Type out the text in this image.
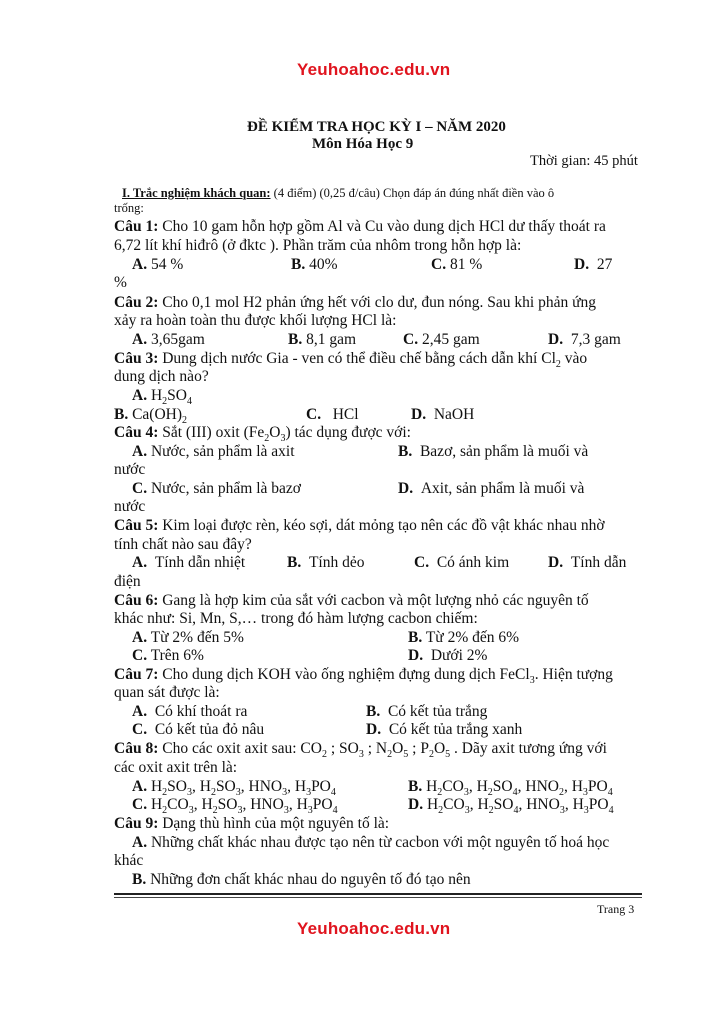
Yeuhoahoc.edu.vn
ĐỀ KIỂM TRA HỌC KỲ I – NĂM 2020
Môn Hóa Học 9
Thời gian: 45 phút
I. Trắc nghiệm khách quan: (4 điểm) (0,25 đ/câu) Chọn đáp án đúng nhất điền vào ô
trống:
Câu 1: Cho 10 gam hỗn hợp gồm Al và Cu vào dung dịch HCl dư thấy thoát ra
6,72 lít khí hiđrô (ở đktc ). Phần trăm của nhôm trong hỗn hợp là:
A. 54 %	B. 40%	C. 81 %	D. 27
%
Câu 2: Cho 0,1 mol H2 phản ứng hết với clo dư, đun nóng. Sau khi phản ứng
xảy ra hoàn toàn thu được khối lượng HCl là:
A. 3,65gam	B. 8,1 gam	C. 2,45 gam	D. 7,3 gam
Câu 3: Dung dịch nước Gia - ven có thể điều chế bằng cách dẫn khí $Cl_2$ vào
dung dịch nào?
A. $H_2SO_4$
B. $Ca(OH)_2$	C. HCl	D. NaOH
Câu 4: Sắt (III) oxit $(Fe_2O_3)$ tác dụng được với:
A. Nước, sản phẩm là axit	B. Bazơ, sản phẩm là muối và
nước
C. Nước, sản phẩm là bazơ	D. Axit, sản phẩm là muối và
nước
Câu 5: Kim loại được rèn, kéo sợi, dát mỏng tạo nên các đồ vật khác nhau nhờ
tính chất nào sau đây?
A. Tính dẫn nhiệt	B. Tính dẻo	C. Có ánh kim	D. Tính dẫn
điện
Câu 6: Gang là hợp kim của sắt với cacbon và một lượng nhỏ các nguyên tố
khác như: Si, Mn, S,… trong đó hàm lượng cacbon chiếm:
A. Từ 2% đến 5%	B. Từ 2% đến 6%
C. Trên 6%	D. Dưới 2%
Câu 7: Cho dung dịch KOH vào ống nghiệm đựng dung dịch FeCl$_3$. Hiện tượng
quan sát được là:
A. Có khí thoát ra	B. Có kết tủa trắng
C. Có kết tủa đỏ nâu	D. Có kết tủa trắng xanh
Câu 8: Cho các oxit axit sau: $CO_2$ ; $SO_3$ ; $N_2O_5$ ; $P_2O_5$ . Dãy axit tương ứng với
các oxit axit trên là:
A. $H_2SO_3$, $H_2SO_3$, $HNO_3$, $H_3PO_4$	B. $H_2CO_3$, $H_2SO_4$, $HNO_2$, $H_3PO_4$
C. $H_2CO_3$, $H_2SO_3$, $HNO_3$, $H_3PO_4$	D. $H_2CO_3$, $H_2SO_4$, $HNO_3$, $H_3PO_4$
Câu 9: Dạng thù hình của một nguyên tố là:
A. Những chất khác nhau được tạo nên từ cacbon với một nguyên tố hoá học
khác
B. Những đơn chất khác nhau do nguyên tố đó tạo nên
Trang 3
Yeuhoahoc.edu.vn
